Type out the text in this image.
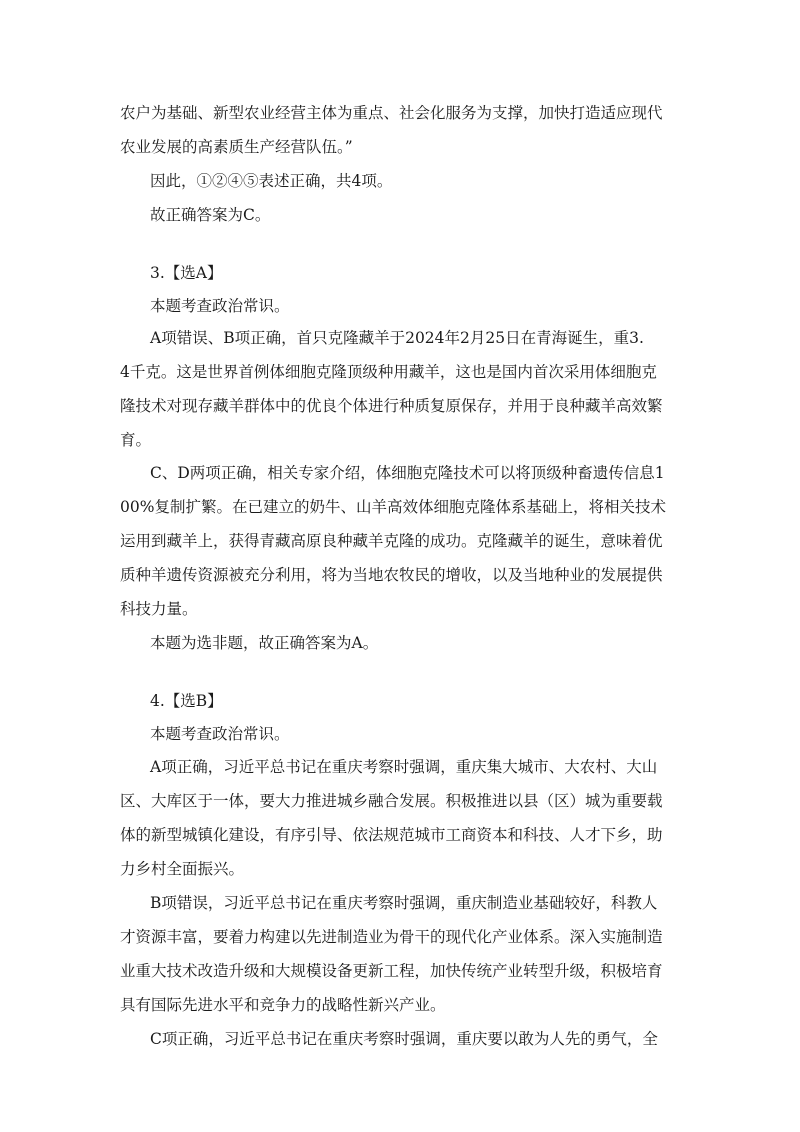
农户为基础、新型农业经营主体为重点、社会化服务为支撑，加快打造适应现代
农业发展的高素质生产经营队伍。”
因此，①②④⑤表述正确，共4项。
故正确答案为C。
3.【选A】
本题考查政治常识。
A项错误、B项正确，首只克隆藏羊于2024年2月25日在青海诞生，重3.
4千克。这是世界首例体细胞克隆顶级种用藏羊，这也是国内首次采用体细胞克
隆技术对现存藏羊群体中的优良个体进行种质复原保存，并用于良种藏羊高效繁
育。
C、D两项正确，相关专家介绍，体细胞克隆技术可以将顶级种畜遗传信息1
00%复制扩繁。在已建立的奶牛、山羊高效体细胞克隆体系基础上，将相关技术
运用到藏羊上，获得青藏高原良种藏羊克隆的成功。克隆藏羊的诞生，意味着优
质种羊遗传资源被充分利用，将为当地农牧民的增收，以及当地种业的发展提供
科技力量。
本题为选非题，故正确答案为A。
4.【选B】
本题考查政治常识。
A项正确，习近平总书记在重庆考察时强调，重庆集大城市、大农村、大山
区、大库区于一体，要大力推进城乡融合发展。积极推进以县（区）城为重要载
体的新型城镇化建设，有序引导、依法规范城市工商资本和科技、人才下乡，助
力乡村全面振兴。
B项错误，习近平总书记在重庆考察时强调，重庆制造业基础较好，科教人
才资源丰富，要着力构建以先进制造业为骨干的现代化产业体系。深入实施制造
业重大技术改造升级和大规模设备更新工程，加快传统产业转型升级，积极培育
具有国际先进水平和竞争力的战略性新兴产业。
C项正确，习近平总书记在重庆考察时强调，重庆要以敢为人先的勇气，全
